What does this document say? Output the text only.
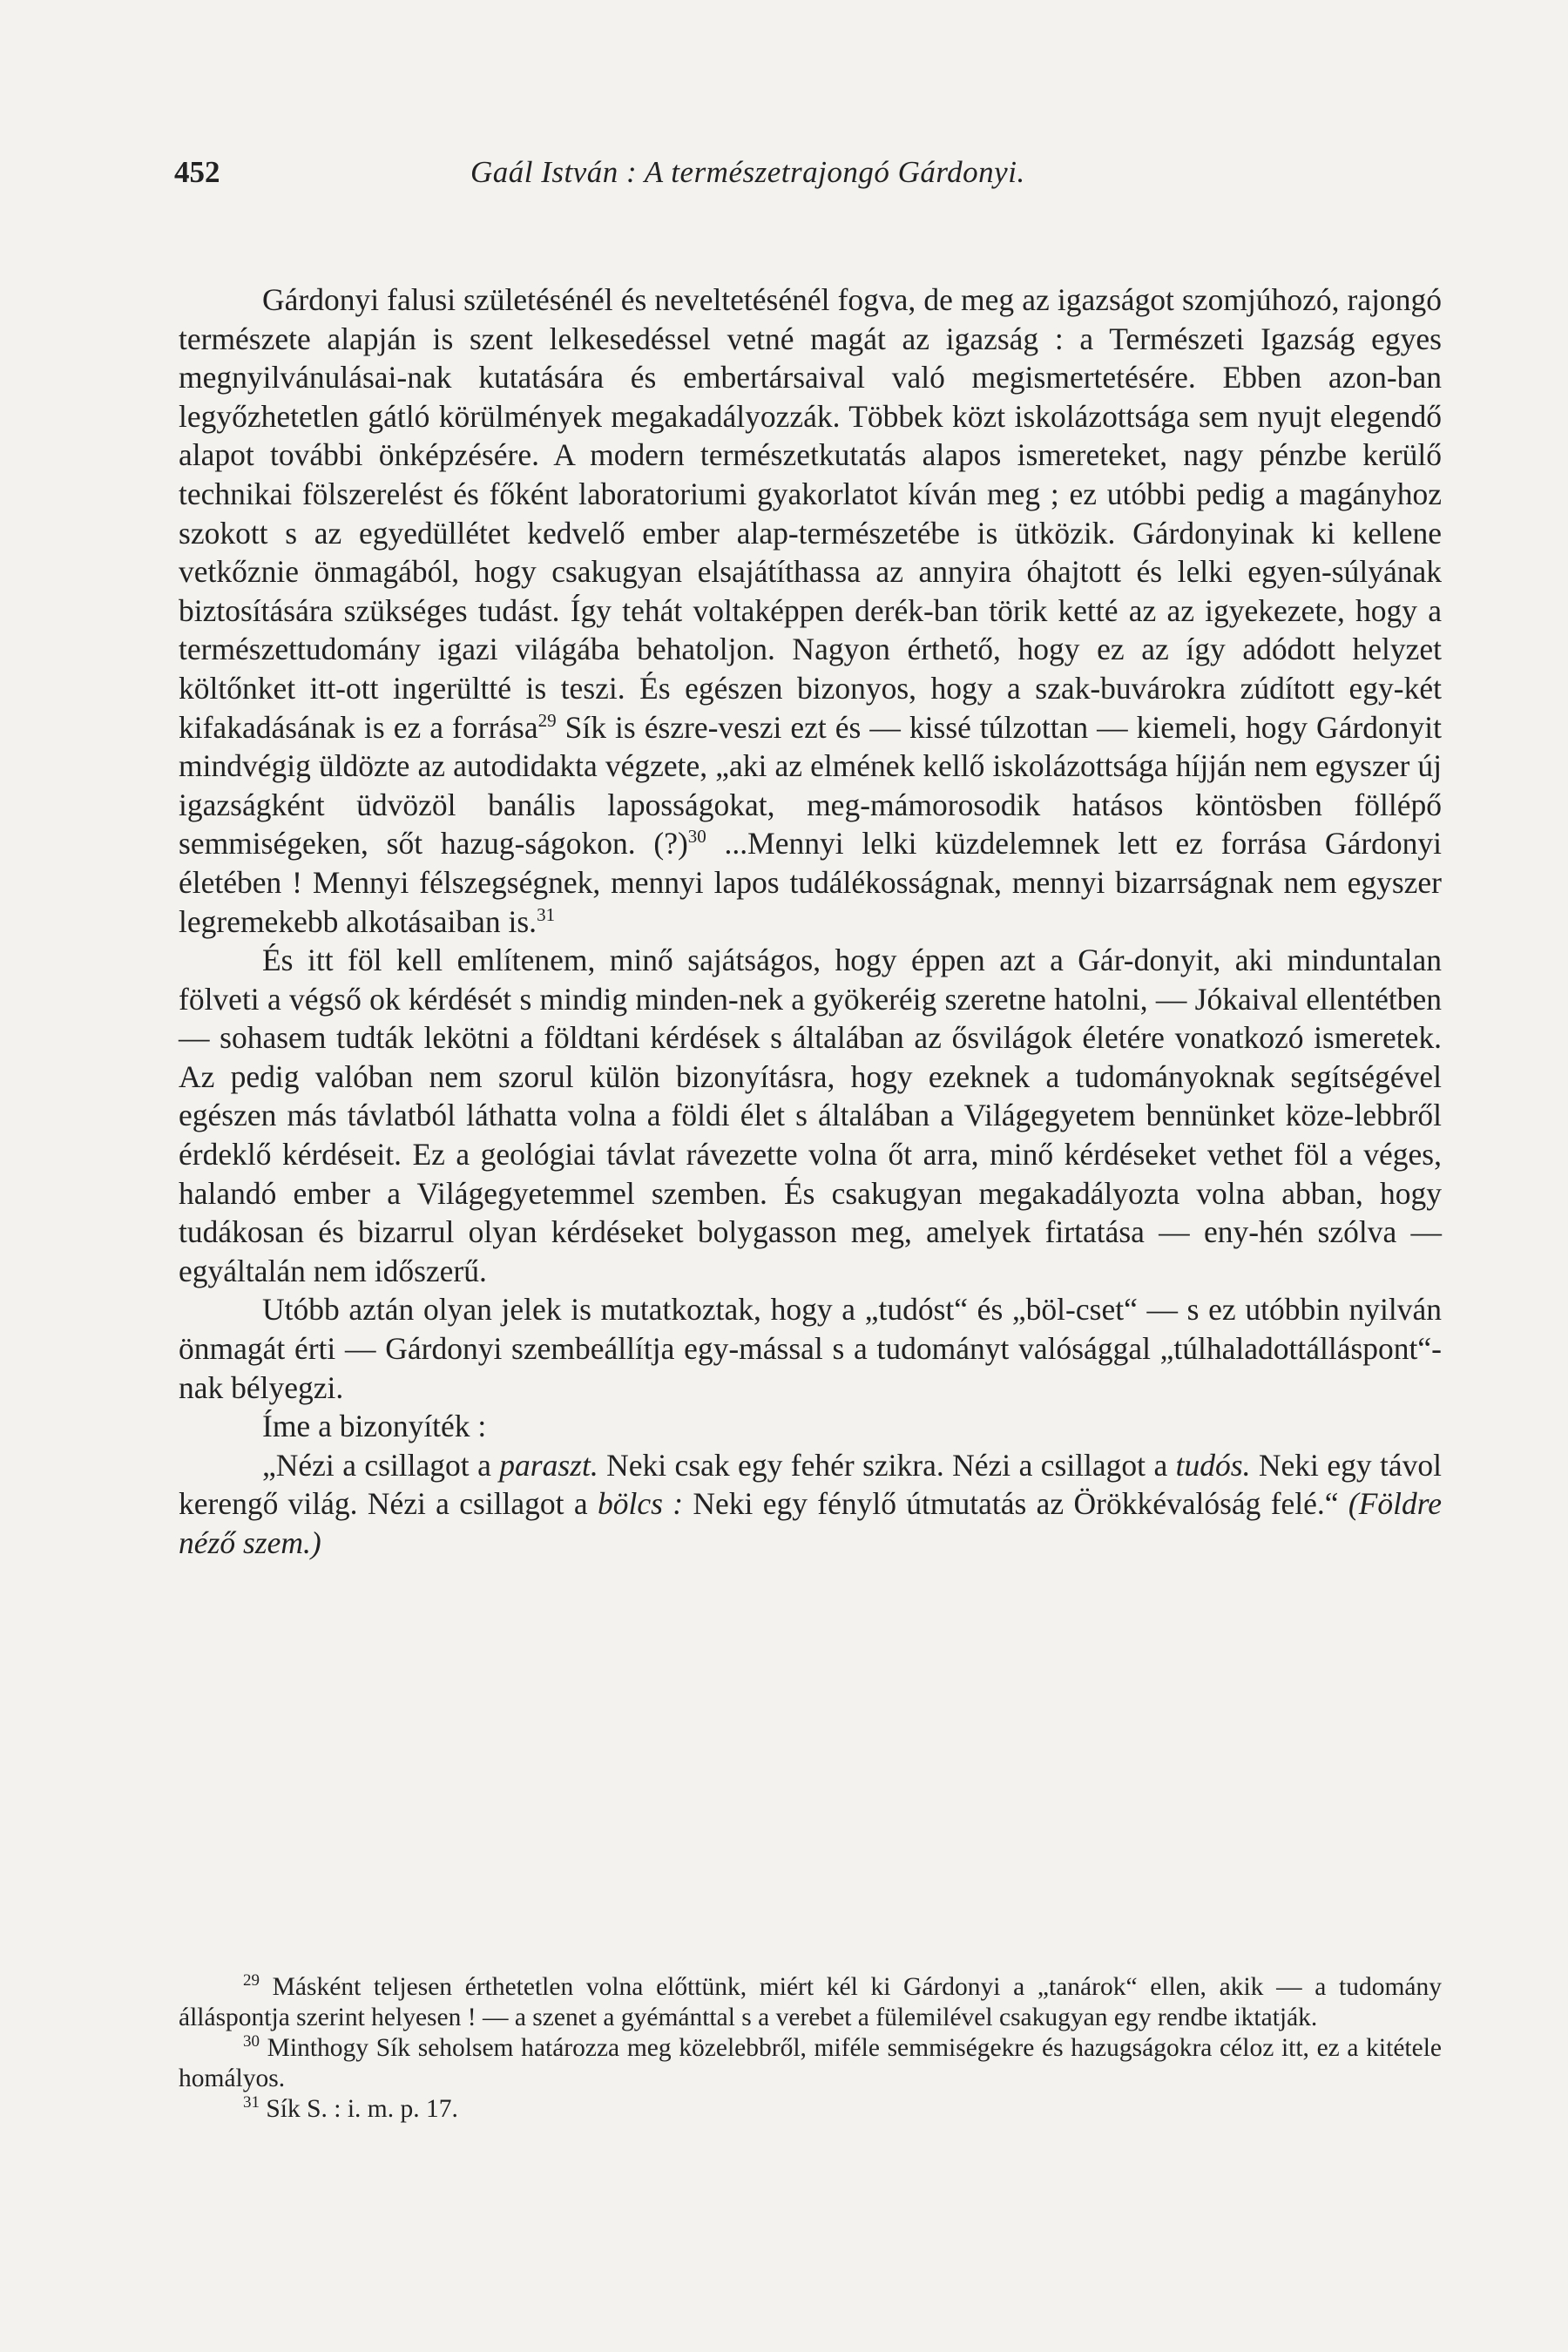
452	Gaál István : A természetrajongó Gárdonyi.

Gárdonyi falusi születésénél és neveltetésénél fogva, de meg az igazságot szomjúhozó, rajongó természete alapján is szent lelkesedéssel vetné magát az igazság : a Természeti Igazság egyes megnyilvánulásai-nak kutatására és embertársaival való megismertetésére. Ebben azon-ban legyőzhetetlen gátló körülmények megakadályozzák. Többek közt iskolázottsága sem nyujt elegendő alapot további önképzésére. A modern természetkutatás alapos ismereteket, nagy pénzbe kerülő technikai fölszerelést és főként laboratoriumi gyakorlatot kíván meg ; ez utóbbi pedig a magányhoz szokott s az egyedüllétet kedvelő ember alap-természetébe is ütközik. Gárdonyinak ki kellene vetkőznie önmagából, hogy csakugyan elsajátíthassa az annyira óhajtott és lelki egyen-súlyának biztosítására szükséges tudást. Így tehát voltaképpen derék-ban törik ketté az az igyekezete, hogy a természettudomány igazi világába behatoljon. Nagyon érthető, hogy ez az így adódott helyzet költőnket itt-ott ingerültté is teszi. És egészen bizonyos, hogy a szak-buvárokra zúdított egy-két kifakadásának is ez a forrása$^{29}$ Sík is észre-veszi ezt és — kissé túlzottan — kiemeli, hogy Gárdonyit mindvégig üldözte az autodidakta végzete, „aki az elmének kellő iskolázottsága híjján nem egyszer új igazságként üdvözöl banális laposságokat, meg-mámorosodik hatásos köntösben föllépő semmiségeken, sőt hazug-ságokon. (?)$^{30}$ ...Mennyi lelki küzdelemnek lett ez forrása Gárdonyi életében ! Mennyi félszegségnek, mennyi lapos tudálékosságnak, mennyi bizarrságnak nem egyszer legremekebb alkotásaiban is.$^{31}$

És itt föl kell említenem, minő sajátságos, hogy éppen azt a Gár-donyit, aki minduntalan fölveti a végső ok kérdését s mindig minden-nek a gyökeréig szeretne hatolni, — Jókaival ellentétben — sohasem tudták lekötni a földtani kérdések s általában az ősvilágok életére vonatkozó ismeretek. Az pedig valóban nem szorul külön bizonyításra, hogy ezeknek a tudományoknak segítségével egészen más távlatból láthatta volna a földi élet s általában a Világegyetem bennünket köze-lebbről érdeklő kérdéseit. Ez a geológiai távlat rávezette volna őt arra, minő kérdéseket vethet föl a véges, halandó ember a Világegyetemmel szemben. És csakugyan megakadályozta volna abban, hogy tudákosan és bizarrul olyan kérdéseket bolygasson meg, amelyek firtatása — eny-hén szólva — egyáltalán nem időszerű.

Utóbb aztán olyan jelek is mutatkoztak, hogy a „tudóst“ és „böl-cset“ — s ez utóbbin nyilván önmagát érti — Gárdonyi szembeállítja egy-mással s a tudományt valósággal „túlhaladottálláspont“-nak bélyegzi.

Íme a bizonyíték :

„Nézi a csillagot a paraszt. Neki csak egy fehér szikra. Nézi a csillagot a tudós. Neki egy távol kerengő világ. Nézi a csillagot a bölcs : Neki egy fénylő útmutatás az Örökkévalóság felé.“ (Földre néző szem.)

$^{29}$ Másként teljesen érthetetlen volna előttünk, miért kél ki Gárdonyi a „tanárok“ ellen, akik — a tudomány álláspontja szerint helyesen ! — a szenet a gyémánttal s a verebet a fülemilével csakugyan egy rendbe iktatják.

$^{30}$ Minthogy Sík seholsem határozza meg közelebbről, miféle semmiségekre és hazugságokra céloz itt, ez a kitétele homályos.

$^{31}$ Sík S. : i. m. p. 17.
